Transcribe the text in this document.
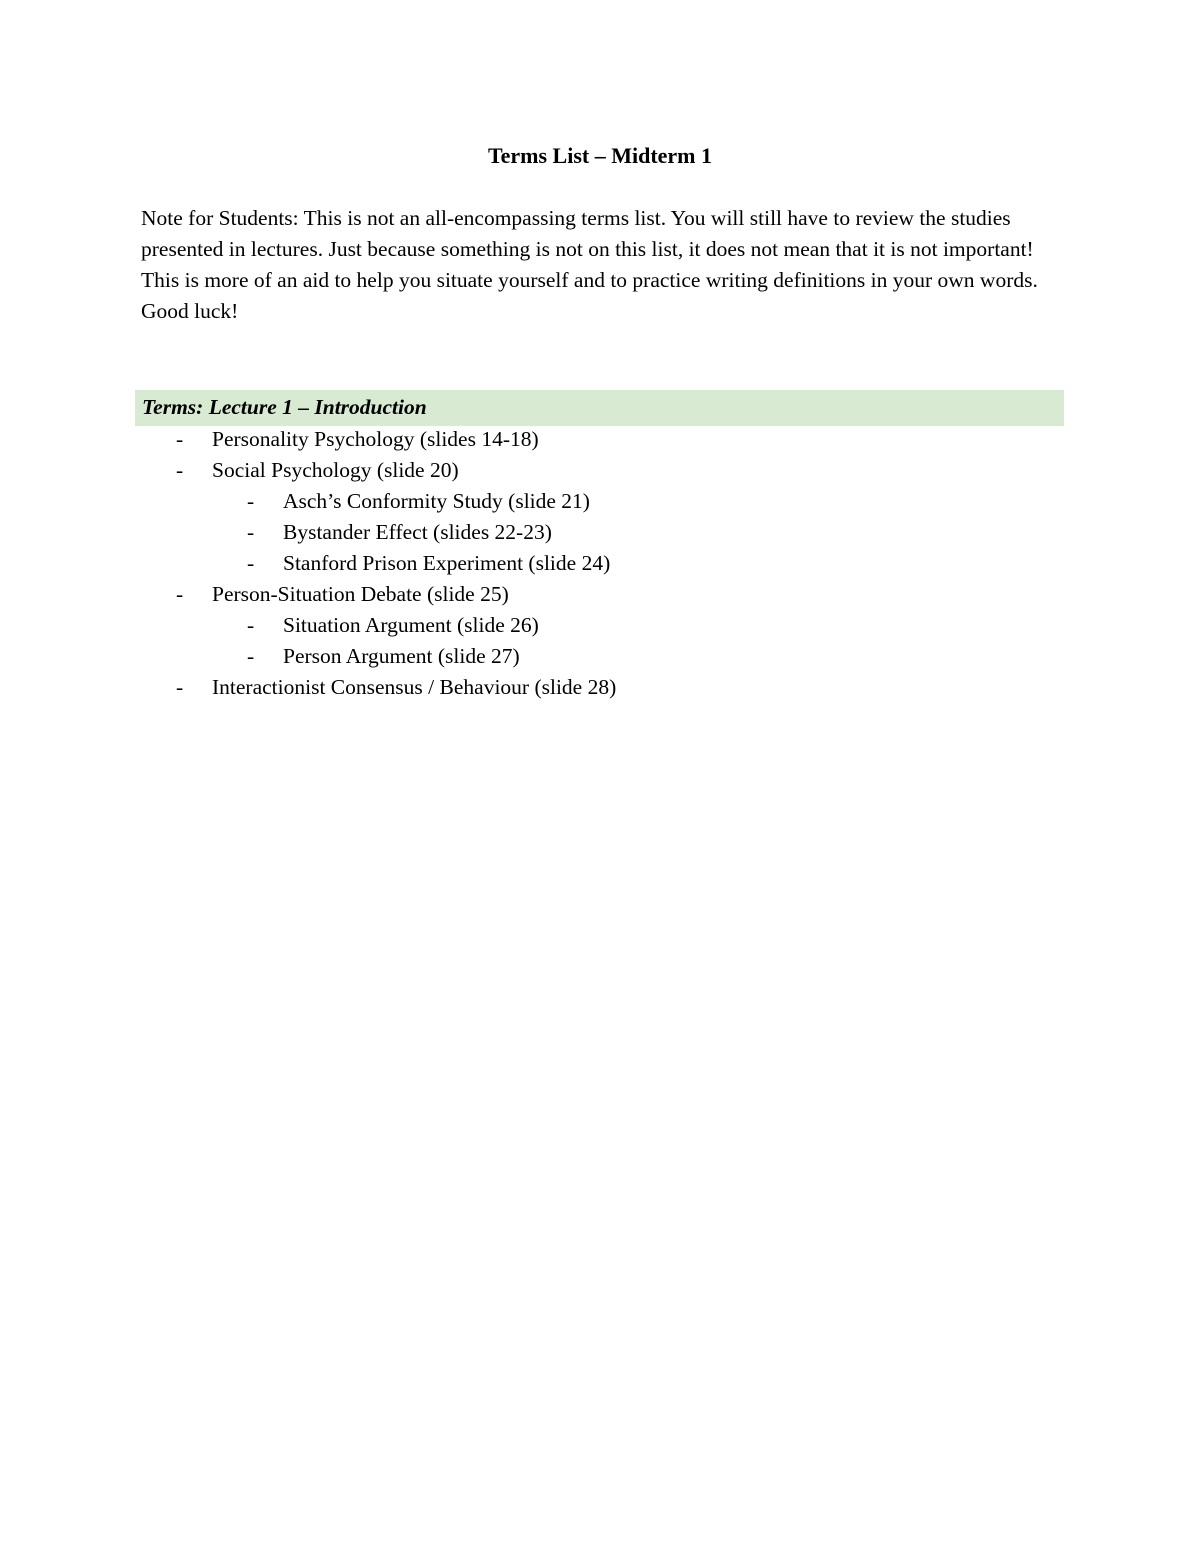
Terms List – Midterm 1
Note for Students: This is not an all-encompassing terms list. You will still have to review the studies presented in lectures. Just because something is not on this list, it does not mean that it is not important! This is more of an aid to help you situate yourself and to practice writing definitions in your own words. Good luck!
Terms: Lecture 1 – Introduction
- Personality Psychology (slides 14-18)
- Social Psychology (slide 20)
- Asch’s Conformity Study (slide 21)
- Bystander Effect (slides 22-23)
- Stanford Prison Experiment (slide 24)
- Person-Situation Debate (slide 25)
- Situation Argument (slide 26)
- Person Argument (slide 27)
- Interactionist Consensus / Behaviour (slide 28)
